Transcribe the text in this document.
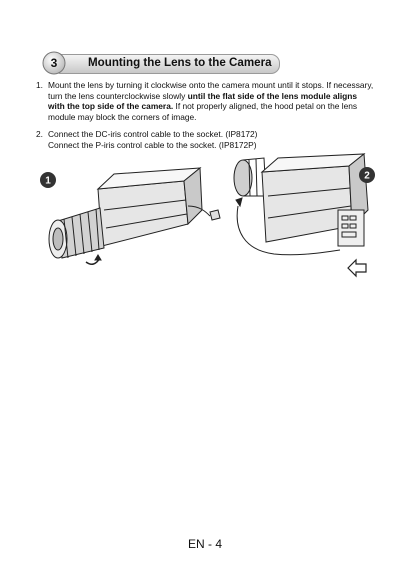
3	Mounting the Lens to the Camera
1. Mount the lens by turning it clockwise onto the camera mount until it stops. If necessary, turn the lens counterclockwise slowly until the flat side of the lens module aligns with the top side of the camera. If not properly aligned, the hood petal on the lens module may block the corners of image.

2. Connect the DC-iris control cable to the socket. (IP8172)

Connect the P-iris control cable to the socket. (IP8172P)

1	2
EN - 4
